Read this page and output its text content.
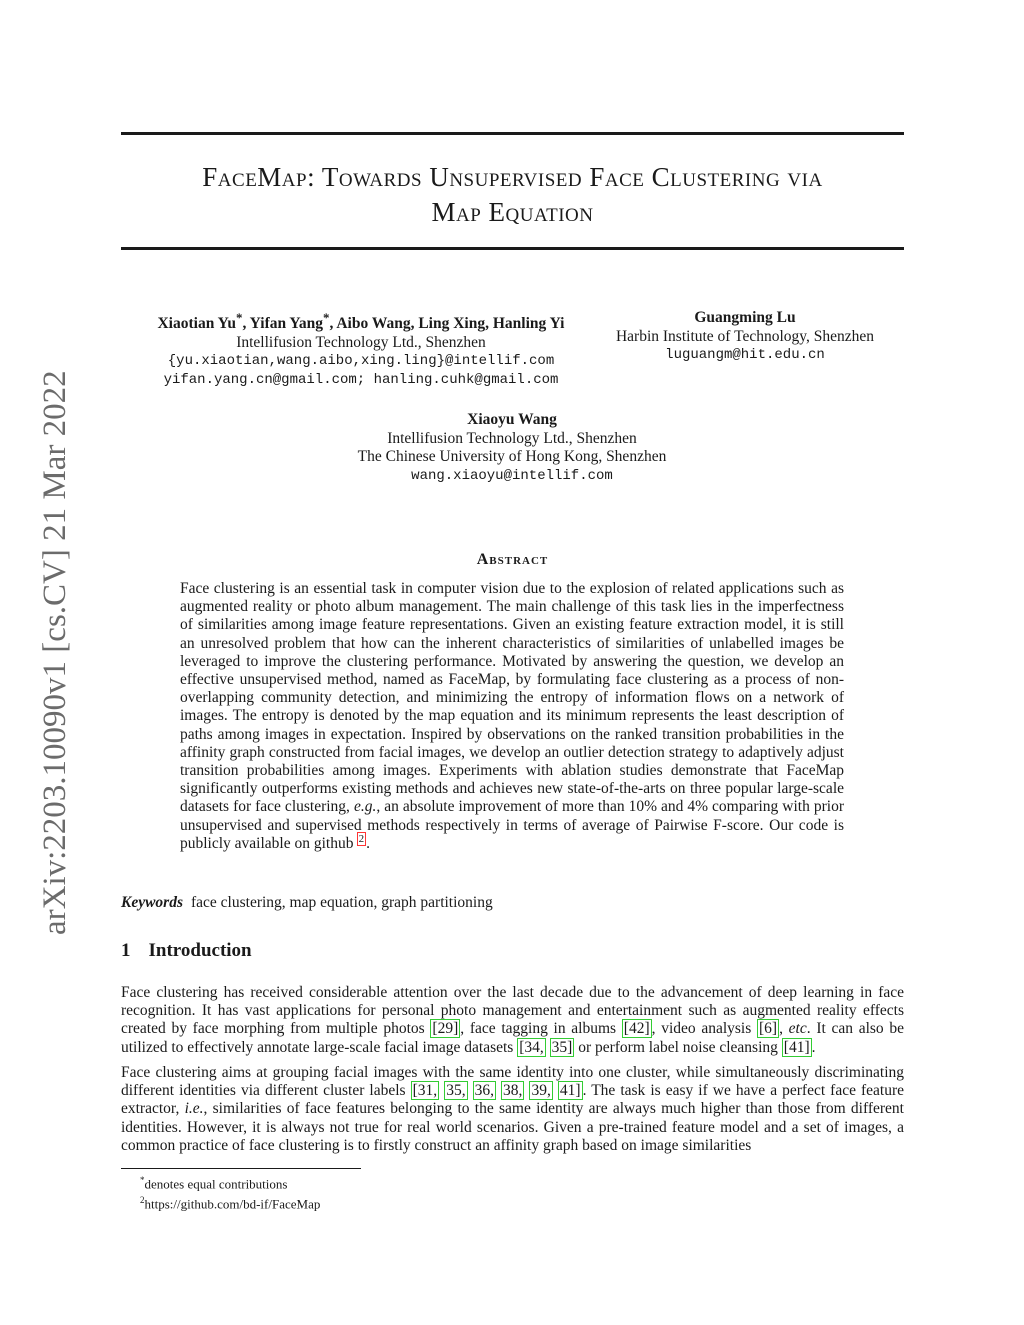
FaceMap: Towards Unsupervised Face Clustering via
Map Equation
arXiv:2203.10090v1 [cs.CV] 21 Mar 2022
Xiaotian Yu*, Yifan Yang*, Aibo Wang, Ling Xing, Hanling Yi
Intellifusion Technology Ltd., Shenzhen
{yu.xiaotian,wang.aibo,xing.ling}@intellif.com
yifan.yang.cn@gmail.com; hanling.cuhk@gmail.com
Guangming Lu
Harbin Institute of Technology, Shenzhen
luguangm@hit.edu.cn
Xiaoyu Wang
Intellifusion Technology Ltd., Shenzhen
The Chinese University of Hong Kong, Shenzhen
wang.xiaoyu@intellif.com
Abstract
Face clustering is an essential task in computer vision due to the explosion of related applications such as augmented reality or photo album management. The main challenge of this task lies in the imperfectness of similarities among image feature representations. Given an existing feature extraction model, it is still an unresolved problem that how can the inherent characteristics of similarities of unlabelled images be leveraged to improve the clustering performance. Motivated by answering the question, we develop an effective unsupervised method, named as FaceMap, by formulating face clustering as a process of non-overlapping community detection, and minimizing the entropy of information flows on a network of images. The entropy is denoted by the map equation and its minimum represents the least description of paths among images in expectation. Inspired by observations on the ranked transition probabilities in the affinity graph constructed from facial images, we develop an outlier detection strategy to adaptively adjust transition probabilities among images. Experiments with ablation studies demonstrate that FaceMap significantly outperforms existing methods and achieves new state-of-the-arts on three popular large-scale datasets for face clustering, e.g., an absolute improvement of more than 10% and 4% comparing with prior unsupervised and supervised methods respectively in terms of average of Pairwise F-score. Our code is publicly available on github  $^2$ .
Keywords face clustering, map equation, graph partitioning
1 Introduction
Face clustering has received considerable attention over the last decade due to the advancement of deep learning in face recognition. It has vast applications for personal photo management and entertainment such as augmented reality effects created by face morphing from multiple photos [29] , face tagging in albums [42] , video analysis [6] , etc. It can also be utilized to effectively annotate large-scale facial image datasets [34, 35] or perform label noise cleansing [41] .
Face clustering aims at grouping facial images with the same identity into one cluster, while simultaneously discriminating different identities via different cluster labels [31, 35, 36, 38, 39, 41] . The task is easy if we have a perfect face feature extractor, i.e., similarities of face features belonging to the same identity are always much higher than those from different identities. However, it is always not true for real world scenarios. Given a pre-trained feature model and a set of images, a common practice of face clustering is to firstly construct an affinity graph based on image similarities
*denotes equal contributions
$^2$https://github.com/bd-if/FaceMap
